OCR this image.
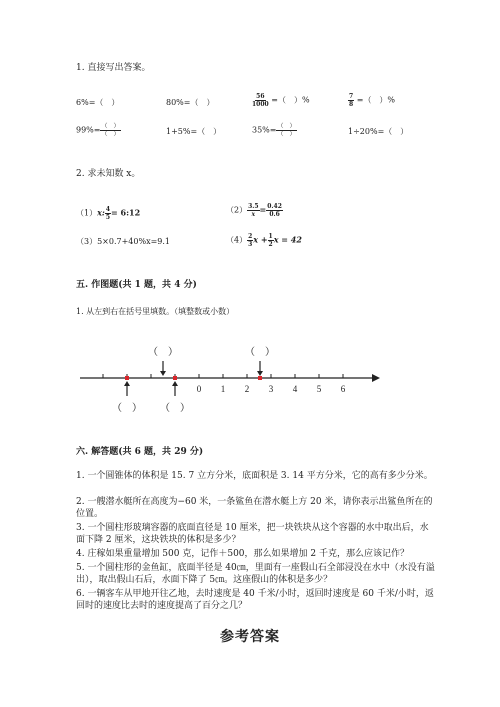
1. 直接写出答案。
6%=（　）	80%=（　）	$\frac{56}{1000}$ =（　）%	$\frac{7}{8}$ =（　）%
$99\%= \frac{( )}{( )}$	1+5%=（　）	$35\%= \frac{( )}{( )}$	1÷20%=（　）
2. 求未知数 x。
（1）x: $\frac{4}{5}$ = 6:12	$(2) \frac{3.5}{x} = \frac{0.42}{0.6}$
（3）5×0.7+40%x=9.1	$(4) \frac{2}{3}$ $x + \frac{1}{2}$ x = 42
五. 作图题(共 1 题，共 4 分)
1. 从左到右在括号里填数。（填整数或小数）
0 1 2 3 4 5 6
（　）	（　）
（　） （　）
六. 解答题(共 6 题，共 29 分)
1. 一个圆锥体的体积是 15. 7 立方分米，底面积是 3. 14 平方分米，它的高有多少分米。
2. 一艘潜水艇所在高度为−60 米，一条鲨鱼在潜水艇上方 20 米，请你表示出鲨鱼所在的位置。
3. 一个圆柱形玻璃容器的底面直径是 10 厘米，把一块铁块从这个容器的水中取出后，水面下降 2 厘米，这块铁块的体积是多少？
4. 庄稼如果重量增加 500 克，记作＋500，那么如果增加 2 千克，那么应该记作？
5. 一个圆柱形的金鱼缸，底面半径是 40㎝，里面有一座假山石全部浸没在水中（水没有溢出），取出假山石后，水面下降了 5㎝。这座假山的体积是多少？
6. 一辆客车从甲地开往乙地，去时速度是 40 千米/小时，返回时速度是 60 千米/小时，返回时的速度比去时的速度提高了百分之几？
参考答案
